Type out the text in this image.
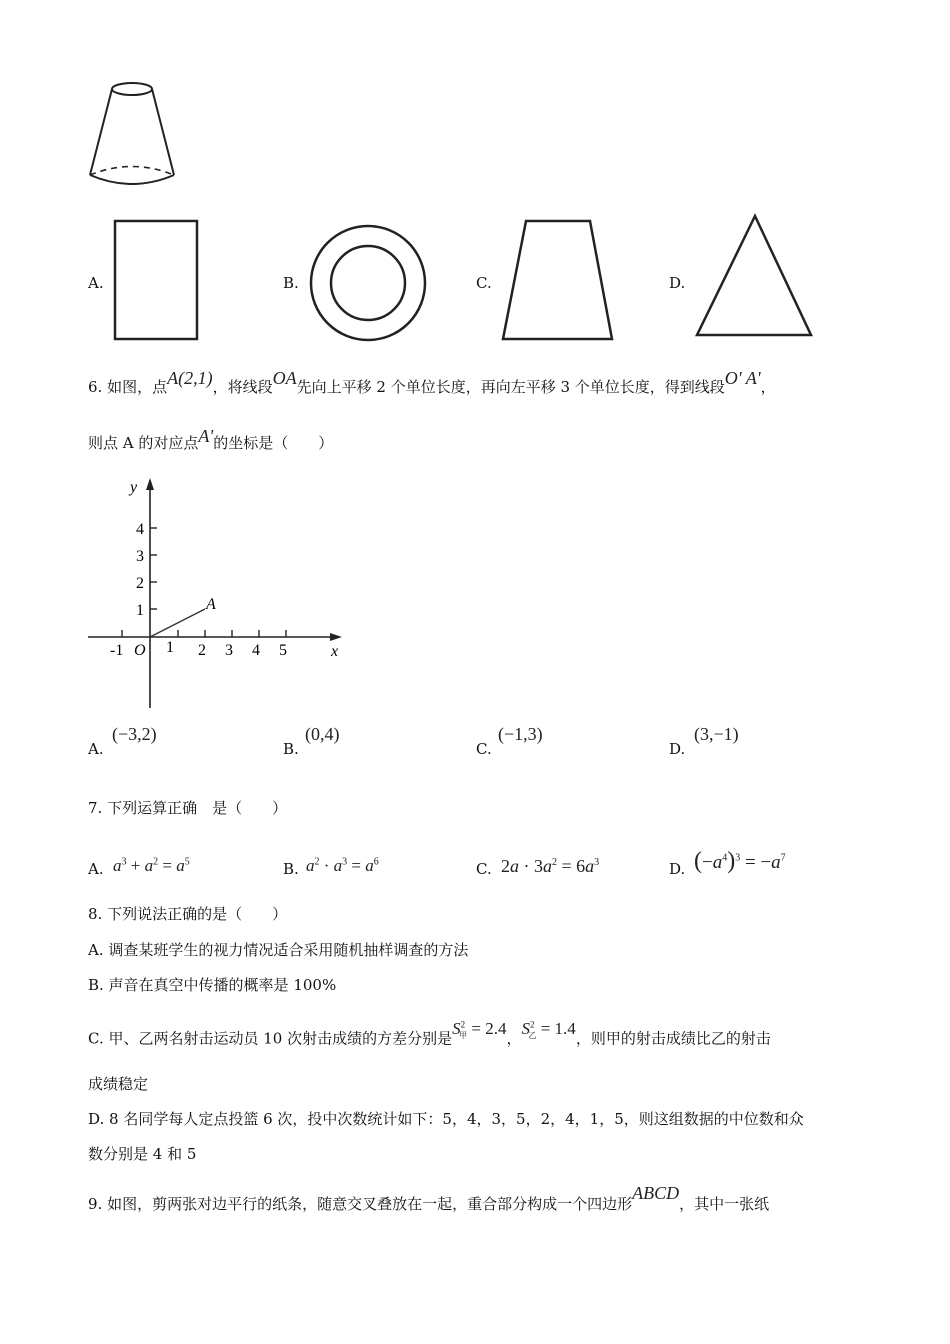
A.	B.	C.	D.
6. 如图，点A(2,1)，将线段OA先向上平移 2 个单位长度，再向左平移 3 个单位长度，得到线段O' A'，
则点 A 的对应点A'的坐标是（　　）
y
x
O
A
-1	1 2 3 4 5
1
2
3
4
A.
(−3,2)
B.
(0,4)
C.
(−1,3)
D.
(3,−1)
7. 下列运算正确　是（　　）
A. $a^3 + a^2 = a^5$	B. $a^2 \cdot a^3 = a^6$	C. $2a \cdot 3a^2 = 6a^3$	D. $(-a^4)^3 = -a^7$
8. 下列说法正确的是（　　）
A. 调查某班学生的视力情况适合采用随机抽样调查的方法
B. 声音在真空中传播的概率是 100%
C. 甲、乙两名射击运动员 10 次射击成绩的方差分别是$S^2_甲 = 2.4$，$S^2_乙 = 1.4$，则甲的射击成绩比乙的射击
成绩稳定
D. 8 名同学每人定点投篮 6 次，投中次数统计如下：5，4，3，5，2，4，1，5，则这组数据的中位数和众
数分别是 4 和 5
9. 如图，剪两张对边平行的纸条，随意交叉叠放在一起，重合部分构成一个四边形ABCD，其中一张纸
